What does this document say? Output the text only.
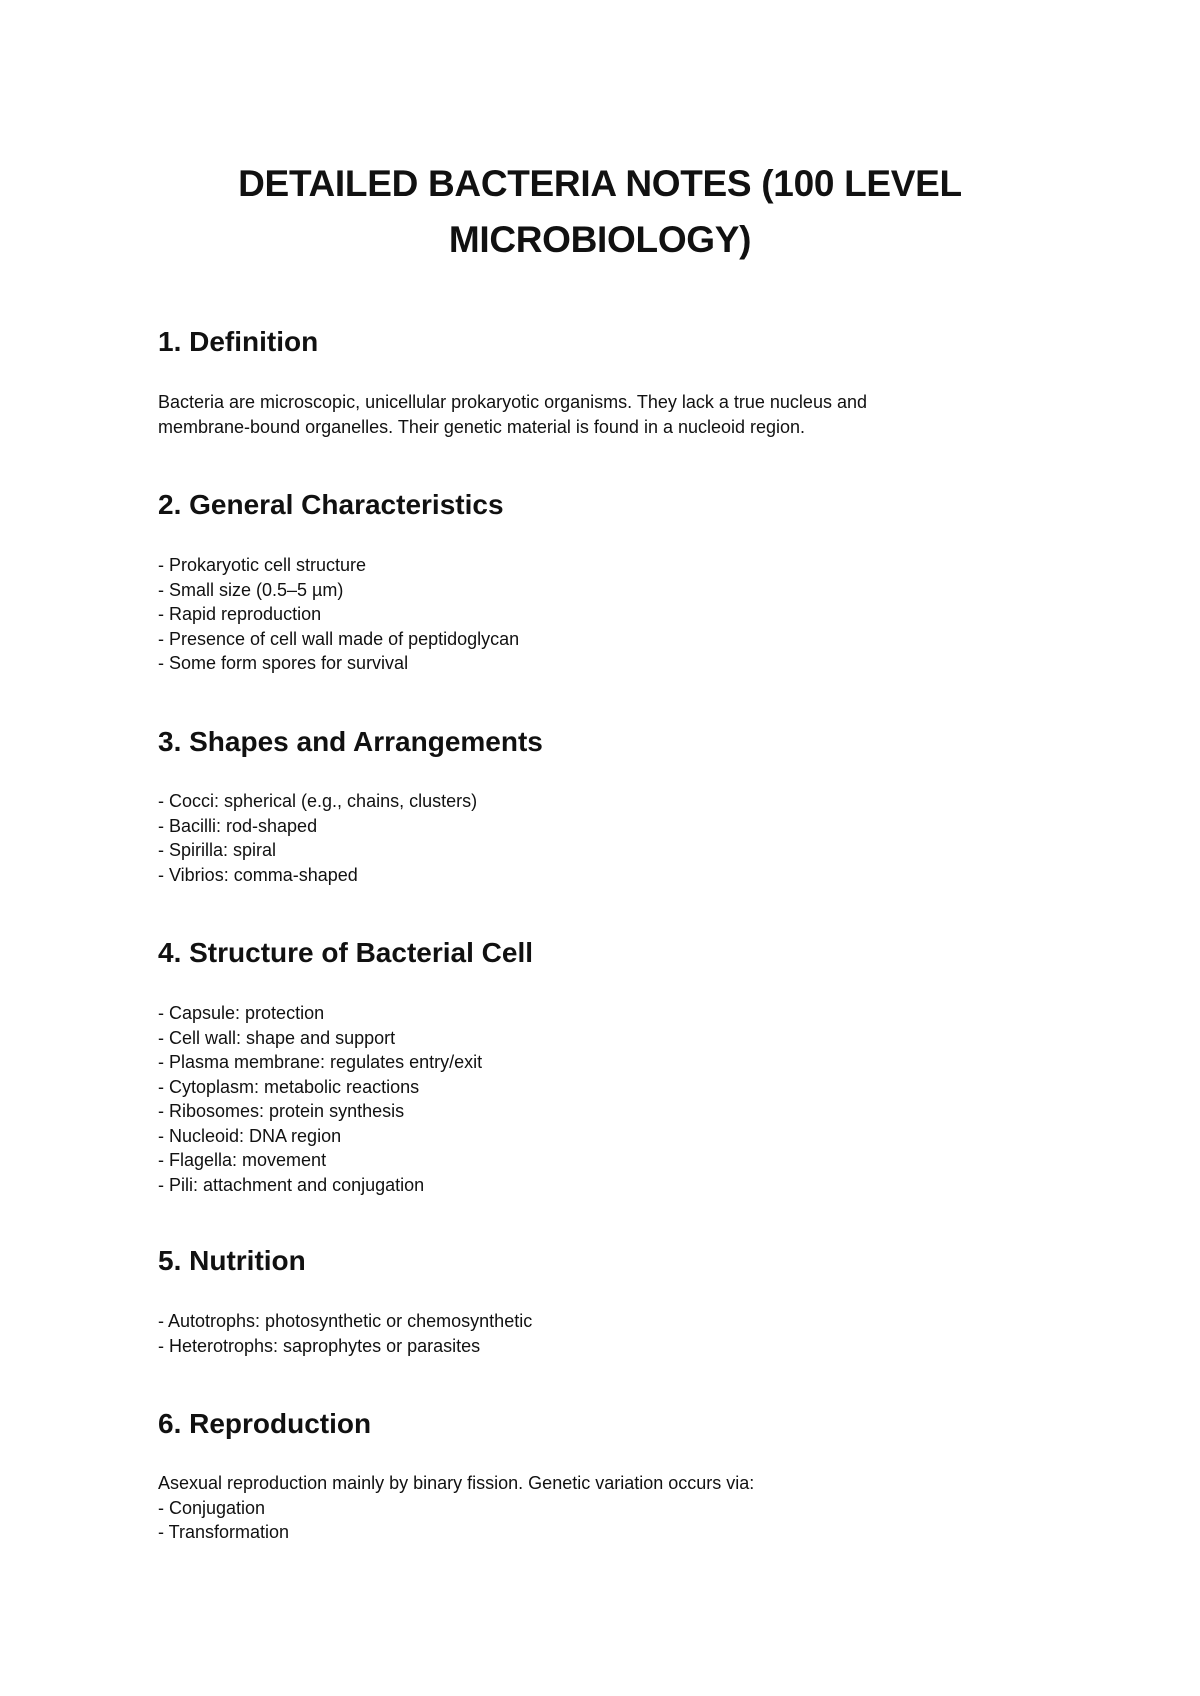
DETAILED BACTERIA NOTES (100 LEVEL MICROBIOLOGY)
1. Definition
Bacteria are microscopic, unicellular prokaryotic organisms. They lack a true nucleus and
membrane-bound organelles. Their genetic material is found in a nucleoid region.
2. General Characteristics
- Prokaryotic cell structure
- Small size (0.5–5 µm)
- Rapid reproduction
- Presence of cell wall made of peptidoglycan
- Some form spores for survival
3. Shapes and Arrangements
- Cocci: spherical (e.g., chains, clusters)
- Bacilli: rod-shaped
- Spirilla: spiral
- Vibrios: comma-shaped
4. Structure of Bacterial Cell
- Capsule: protection
- Cell wall: shape and support
- Plasma membrane: regulates entry/exit
- Cytoplasm: metabolic reactions
- Ribosomes: protein synthesis
- Nucleoid: DNA region
- Flagella: movement
- Pili: attachment and conjugation
5. Nutrition
- Autotrophs: photosynthetic or chemosynthetic
- Heterotrophs: saprophytes or parasites
6. Reproduction
Asexual reproduction mainly by binary fission. Genetic variation occurs via:
- Conjugation
- Transformation
